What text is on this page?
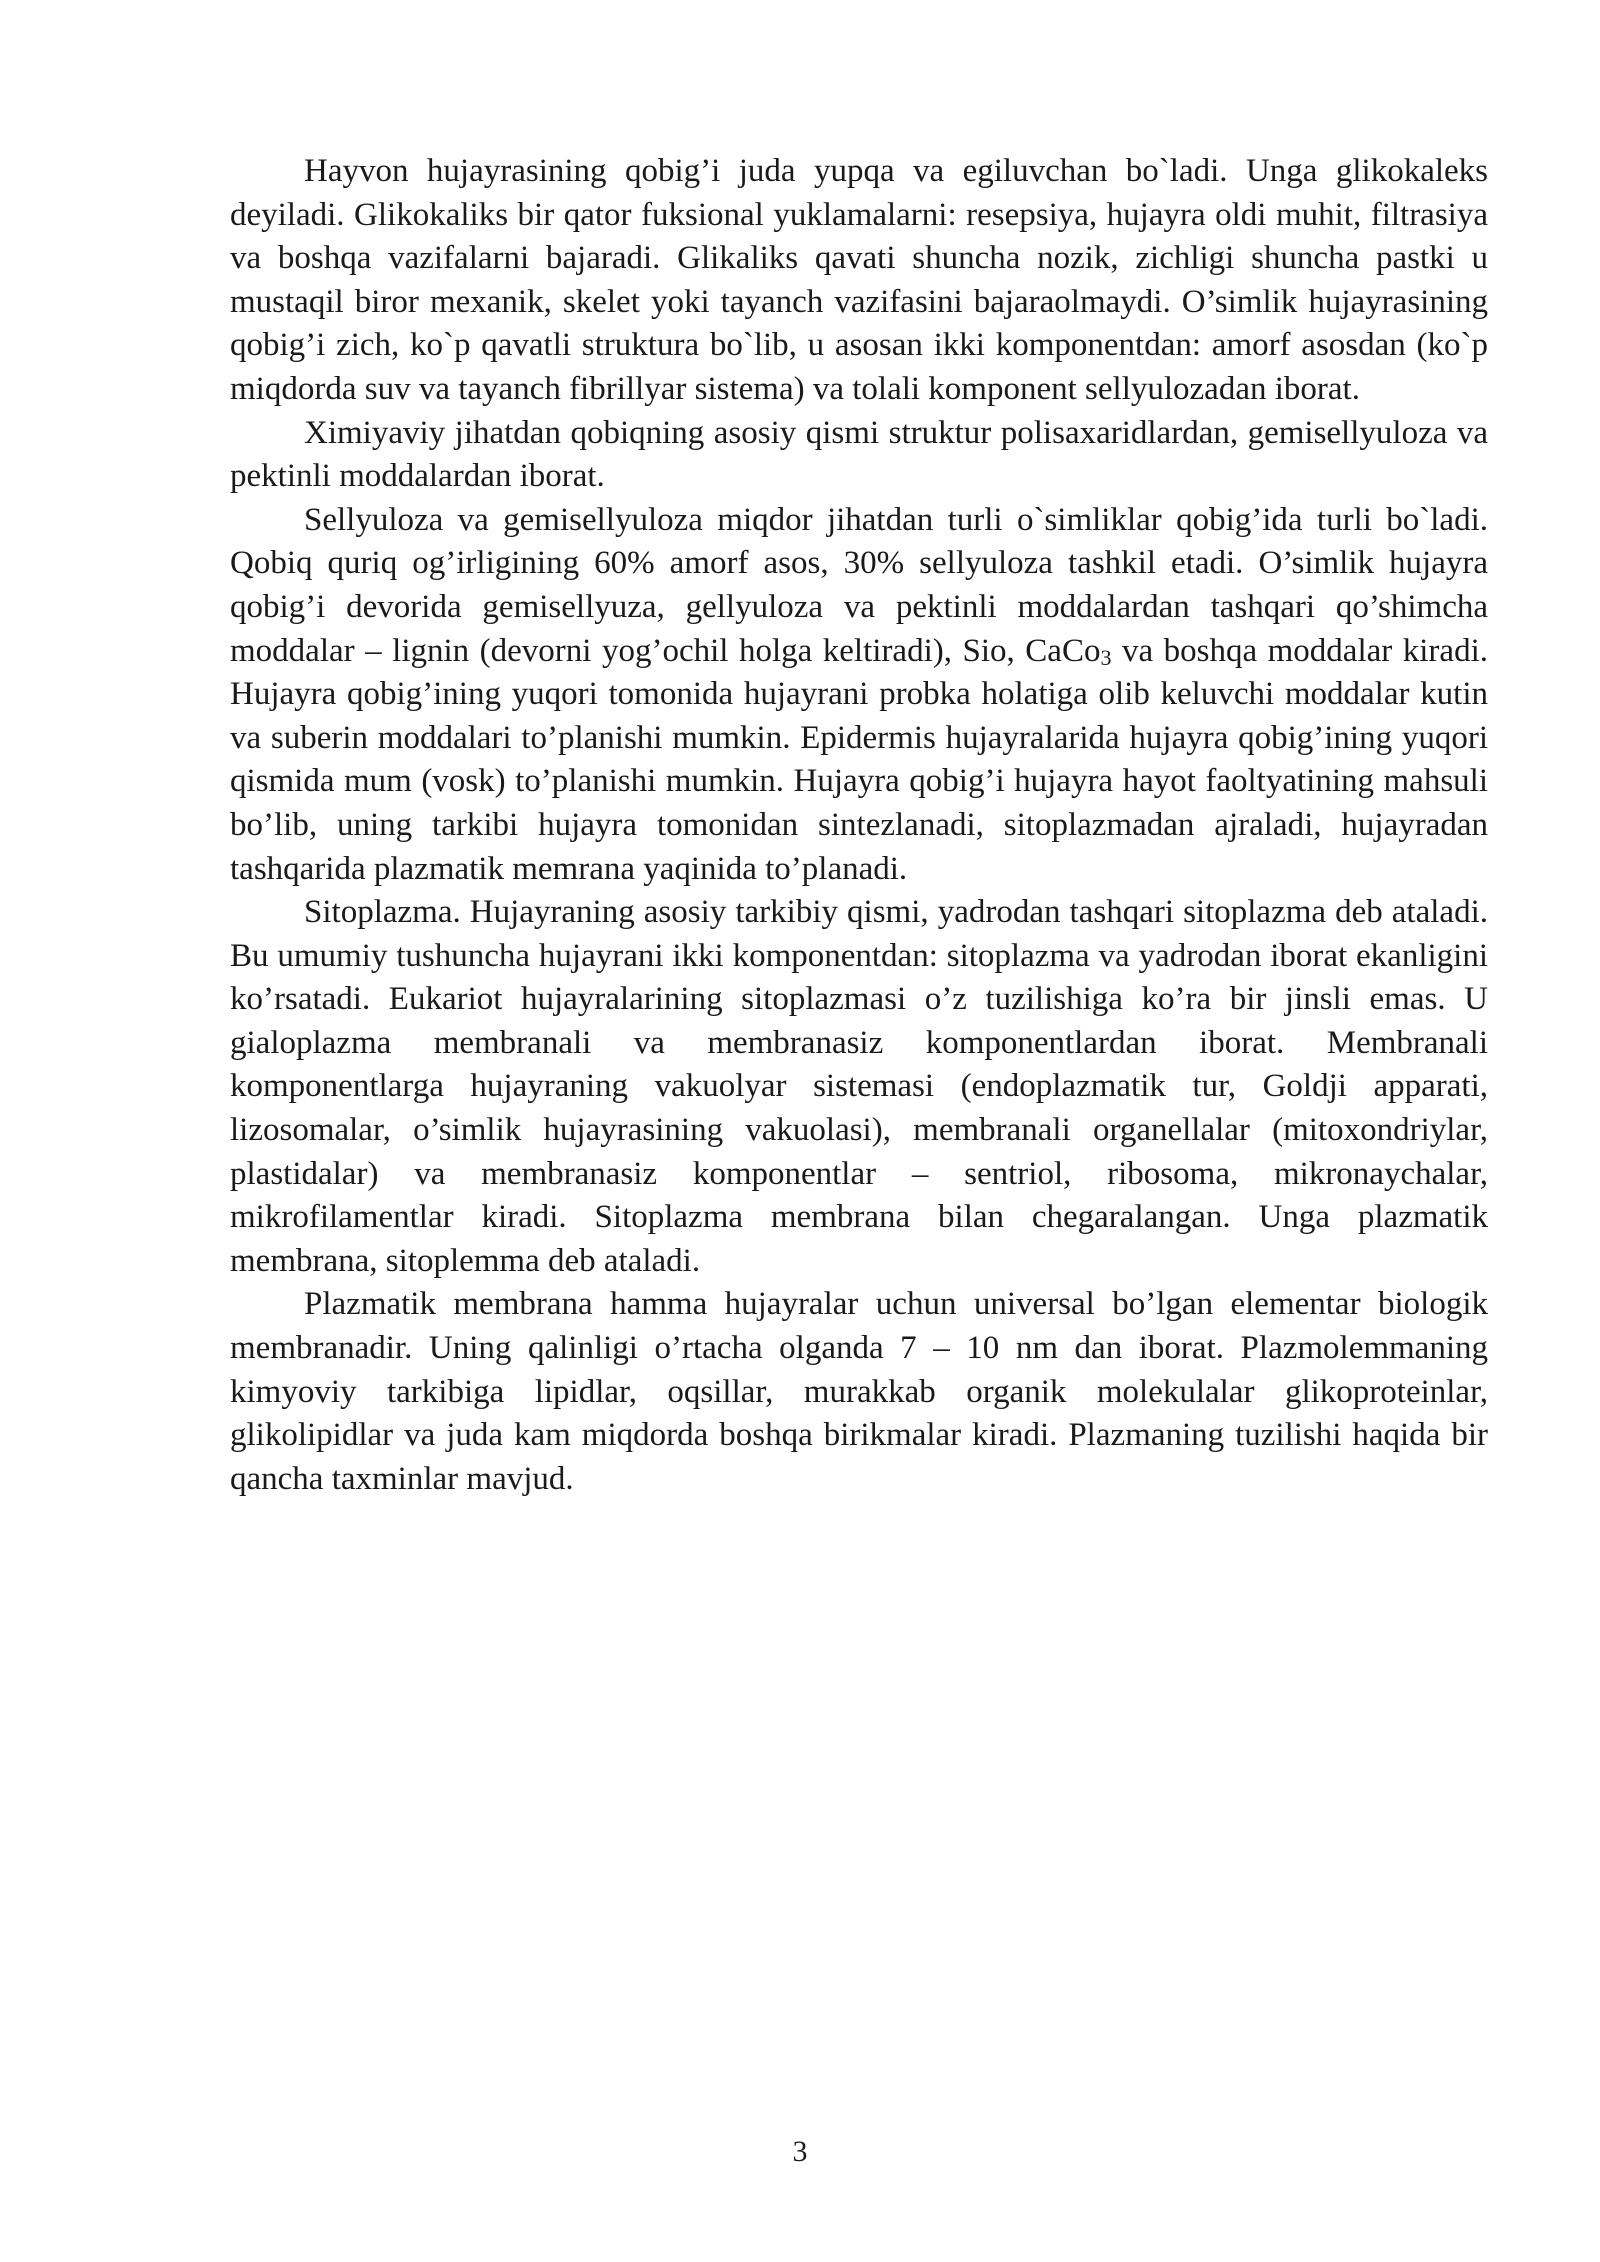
Hayvon hujayrasining qobig’i juda yupqa va egiluvchan bo`ladi. Unga glikokaleks deyiladi. Glikokaliks bir qator fuksional yuklamalarni: resepsiya, hujayra oldi muhit, filtrasiya va boshqa vazifalarni bajaradi. Glikaliks qavati shuncha nozik, zichligi shuncha pastki u mustaqil biror mexanik, skelet yoki tayanch vazifasini bajaraolmaydi. O’simlik hujayrasining qobig’i zich, ko`p qavatli struktura bo`lib, u asosan ikki komponentdan: amorf asosdan (ko`p miqdorda suv va tayanch fibrillyar sistema) va tolali komponent sellyulozadan iborat.

Ximiyaviy jihatdan qobiqning asosiy qismi struktur polisaxaridlardan, gemisellyuloza va pektinli moddalardan iborat.

Sellyuloza va gemisellyuloza miqdor jihatdan turli o`simliklar qobig’ida turli bo`ladi. Qobiq quriq og’irligining 60% amorf asos, 30% sellyuloza tashkil etadi. O’simlik hujayra qobig’i devorida gemisellyuza, gellyuloza va pektinli moddalardan tashqari qo’shimcha moddalar – lignin (devorni yog’ochil holga keltiradi), Sio, CaCo3 va boshqa moddalar kiradi. Hujayra qobig’ining yuqori tomonida hujayrani probka holatiga olib keluvchi moddalar kutin va suberin moddalari to’planishi mumkin. Epidermis hujayralarida hujayra qobig’ining yuqori qismida mum (vosk) to’planishi mumkin. Hujayra qobig’i hujayra hayot faoltyatining mahsuli bo’lib, uning tarkibi hujayra tomonidan sintezlanadi, sitoplazmadan ajraladi, hujayradan tashqarida plazmatik memrana yaqinida to’planadi.

Sitoplazma. Hujayraning asosiy tarkibiy qismi, yadrodan tashqari sitoplazma deb ataladi. Bu umumiy tushuncha hujayrani ikki komponentdan: sitoplazma va yadrodan iborat ekanligini ko’rsatadi. Eukariot hujayralarining sitoplazmasi o’z tuzilishiga ko’ra bir jinsli emas. U gialoplazma membranali va membranasiz komponentlardan iborat. Membranali komponentlarga hujayraning vakuolyar sistemasi (endoplazmatik tur, Goldji apparati, lizosomalar, o’simlik hujayrasining vakuolasi), membranali organellalar (mitoxondriylar, plastidalar) va membranasiz komponentlar – sentriol, ribosoma, mikronaychalar, mikrofilamentlar kiradi. Sitoplazma membrana bilan chegaralangan. Unga plazmatik membrana, sitoplemma deb ataladi.

Plazmatik membrana hamma hujayralar uchun universal bo’lgan elementar biologik membranadir. Uning qalinligi o’rtacha olganda 7 – 10 nm dan iborat. Plazmolemmaning kimyoviy tarkibiga lipidlar, oqsillar, murakkab organik molekulalar glikoproteinlar, glikolipidlar va juda kam miqdorda boshqa birikmalar kiradi. Plazmaning tuzilishi haqida bir qancha taxminlar mavjud.

3
